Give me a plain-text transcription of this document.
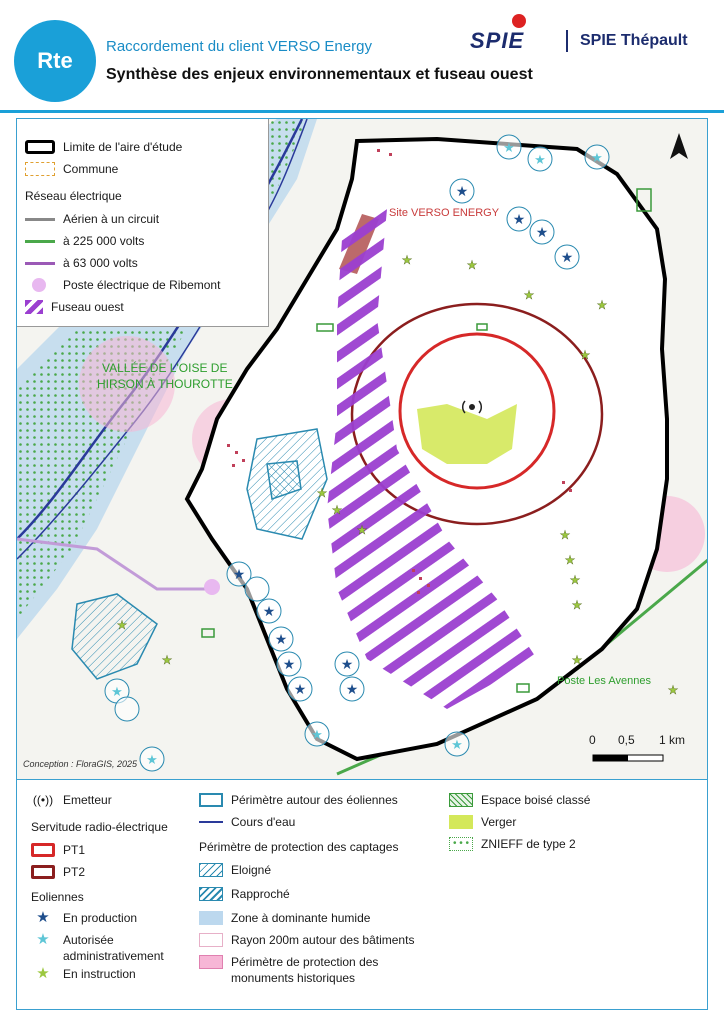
Rte
Raccordement du client VERSO Energy
Synthèse des enjeux environnementaux et fuseau ouest
SPIE	SPIE Thépault
★
★
★
★
★
★
★
★
★
★
★
★
★	★
★
★
★
★
★	★
★
★
★
★
★
★	★
★
★
★
★
★	★
★
Limite de l'aire d'étude
Commune
Réseau électrique
Aérien à un circuit
à 225 000 volts
à 63 000 volts
Poste électrique de Ribemont
Fuseau ouest
Site VERSO ENERGY
VALLÉE DE L'OISE DE
HIRSON À THOUROTTE
Poste Les Avennes
0 0,5 1 km
Conception : FloraGIS, 2025
((•)) Emetteur
Servitude radio-électrique
PT1
PT2
Eoliennes
★	En production
★	Autorisée
administrativement
★	En instruction
Périmètre autour des éoliennes
Cours d'eau
Périmètre de protection des captages
Eloigné
Rapproché
Zone à dominante humide
Rayon 200m autour des bâtiments
Périmètre de protection des
monuments historiques
Espace boisé classé
Verger
• • • ZNIEFF de type 2
